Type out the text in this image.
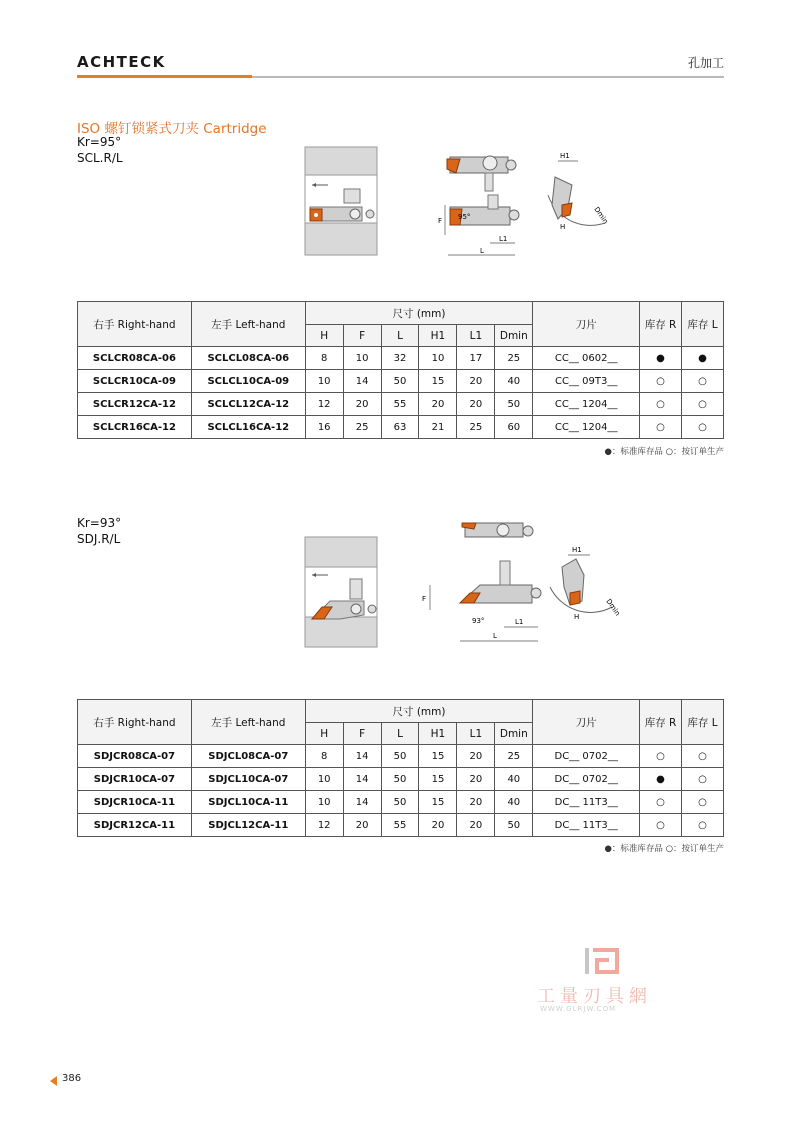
ACHTECK	孔加工
ISO 螺钉锁紧式刀夹 Cartridge
Kr=95°
SCL.R/L
F 95°
L1
L
H1
H
Dmin
右手 Right-hand	左手 Left-hand	尺寸 (mm)						刀片	库存 R	库存 L
		H	F	L	H1	L1	Dmin			
SCLCR08CA-06	SCLCL08CA-06	8	10	32	10	17	25	CC__ 0602__	●	●
SCLCR10CA-09	SCLCL10CA-09	10	14	50	15	20	40	CC__ 09T3__	○	○
SCLCR12CA-12	SCLCL12CA-12	12	20	55	20	20	50	CC__ 1204__	○	○
SCLCR16CA-12	SCLCL16CA-12	16	25	63	21	25	60	CC__ 1204__	○	○
●：标准库存品 ○：按订单生产
Kr=93°
SDJ.R/L
F
93°	L1
L
H1
H	Dmin
右手 Right-hand	左手 Left-hand	尺寸 (mm)						刀片	库存 R	库存 L
		H	F	L	H1	L1	Dmin			
SDJCR08CA-07	SDJCL08CA-07	8	14	50	15	20	25	DC__ 0702__	○	○
SDJCR10CA-07	SDJCL10CA-07	10	14	50	15	20	40	DC__ 0702__	●	○
SDJCR10CA-11	SDJCL10CA-11	10	14	50	15	20	40	DC__ 11T3__	○	○
SDJCR12CA-11	SDJCL12CA-11	12	20	55	20	20	50	DC__ 11T3__	○	○
●：标准库存品 ○：按订单生产
工量刃具網
WWW.GLRJW.COM
386
